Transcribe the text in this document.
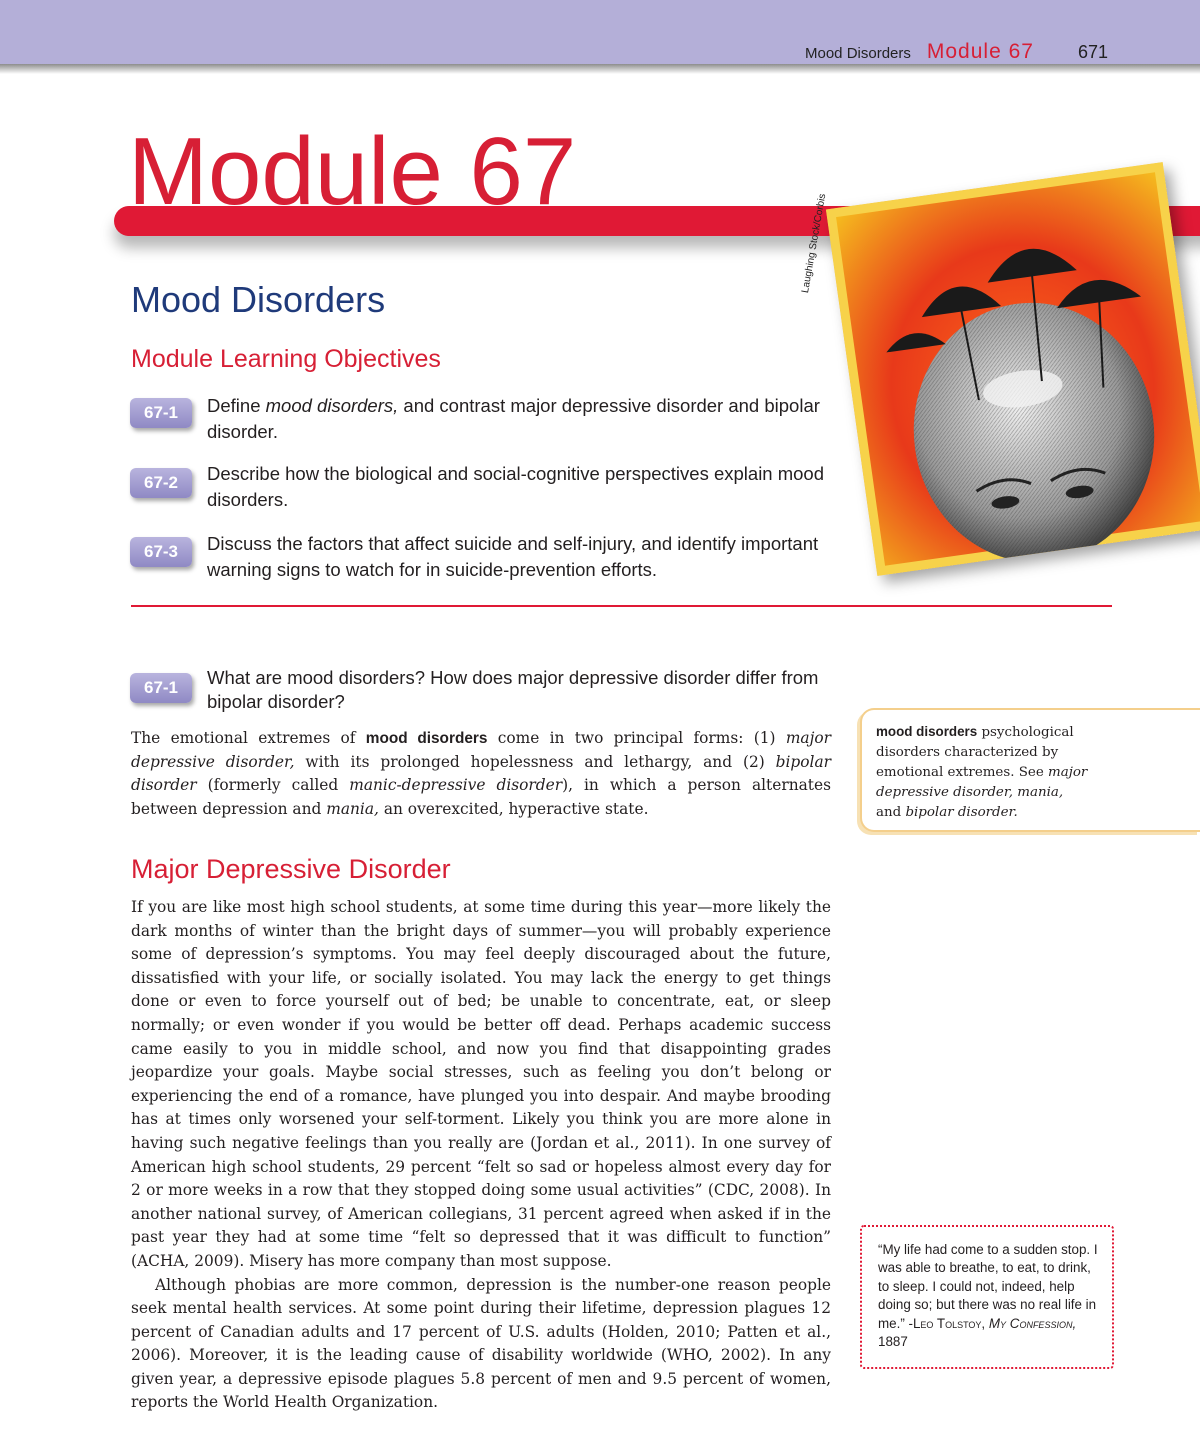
Mood Disorders Module 67 671
Laughing Stock/Corbis
Module 67
Mood Disorders
Module Learning Objectives
67-1	Define mood disorders, and contrast major depressive disorder and bipolar disorder.
67-2	Describe how the biological and social-cognitive perspectives explain mood disorders.
67-3	Discuss the factors that affect suicide and self-injury, and identify important warning signs to watch for in suicide-prevention efforts.
67-1	What are mood disorders? How does major depressive disorder differ from bipolar disorder?

The emotional extremes of mood disorders come in two principal forms: (1) major depressive disorder, with its prolonged hopelessness and lethargy, and (2) bipolar disorder (formerly called manic-depressive disorder), in which a person alternates between depression and mania, an overexcited, hyperactive state.

Major Depressive Disorder

If you are like most high school students, at some time during this year—more likely the dark months of winter than the bright days of summer—you will probably experience some of depression’s symptoms. You may feel deeply discouraged about the future, dissatisfied with your life, or socially isolated. You may lack the energy to get things done or even to force yourself out of bed; be unable to concentrate, eat, or sleep normally; or even wonder if you would be better off dead. Perhaps academic success came easily to you in middle school, and now you find that disappointing grades jeopardize your goals. Maybe social stresses, such as feeling you don’t belong or experiencing the end of a romance, have plunged you into despair. And maybe brooding has at times only worsened your self-torment. Likely you think you are more alone in having such negative feelings than you really are (Jordan et al., 2011). In one survey of American high school students, 29 percent “felt so sad or hopeless almost every day for 2 or more weeks in a row that they stopped doing some usual activities” (CDC, 2008). In another national survey, of American collegians, 31 percent agreed when asked if in the past year they had at some time “felt so depressed that it was difficult to function” (ACHA, 2009). Misery has more company than most suppose.

Although phobias are more common, depression is the number-one reason people seek mental health services. At some point during their lifetime, depression plagues 12 percent of Canadian adults and 17 percent of U.S. adults (Holden, 2010; Patten et al., 2006). Moreover, it is the leading cause of disability worldwide (WHO, 2002). In any given year, a depressive episode plagues 5.8 percent of men and 9.5 percent of women, reports the World Health Organization.

mood disorders psychological disorders characterized by emotional extremes. See major depressive disorder, mania, and bipolar disorder.
“My life had come to a sudden stop. I was able to breathe, to eat, to drink, to sleep. I could not, indeed, help doing so; but there was no real life in me.” -Leo Tolstoy, My Confession, 1887
